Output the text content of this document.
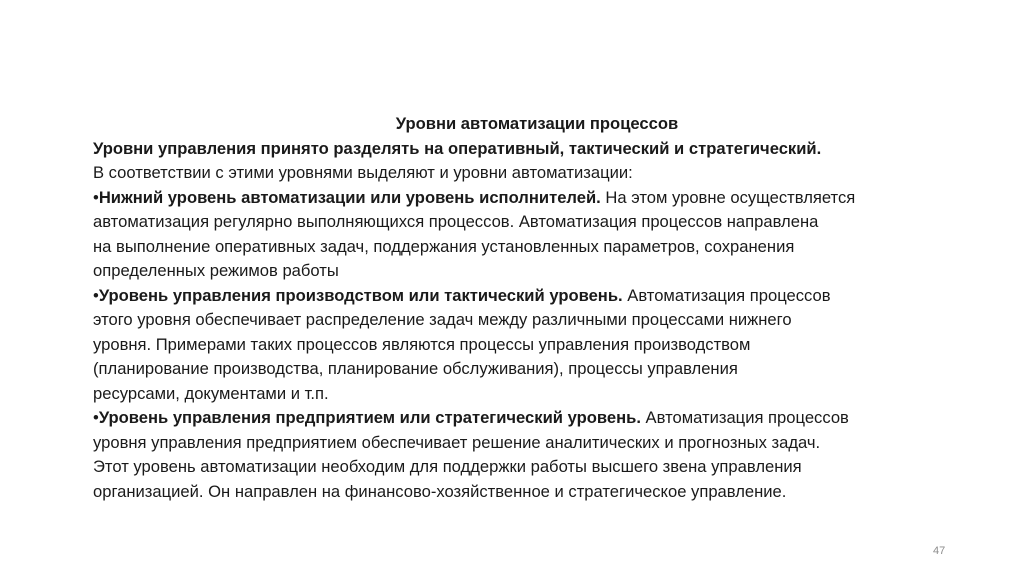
Уровни автоматизации процессов

Уровни управления принято разделять на оперативный, тактический и стратегический.

В соответствии с этими уровнями выделяют и уровни автоматизации:

•Нижний уровень автоматизации или уровень исполнителей. На этом уровне осуществляется

автоматизация регулярно выполняющихся процессов. Автоматизация процессов направлена

на выполнение оперативных задач, поддержания установленных параметров, сохранения

определенных режимов работы

•Уровень управления производством или тактический уровень. Автоматизация процессов

этого уровня обеспечивает распределение задач между различными процессами нижнего

уровня. Примерами таких процессов являются процессы управления производством

(планирование производства, планирование обслуживания), процессы управления

ресурсами, документами и т.п.

•Уровень управления предприятием или стратегический уровень. Автоматизация процессов

уровня управления предприятием обеспечивает решение аналитических и прогнозных задач.

Этот уровень автоматизации необходим для поддержки работы высшего звена управления

организацией. Он направлен на финансово-хозяйственное и стратегическое управление.

47
